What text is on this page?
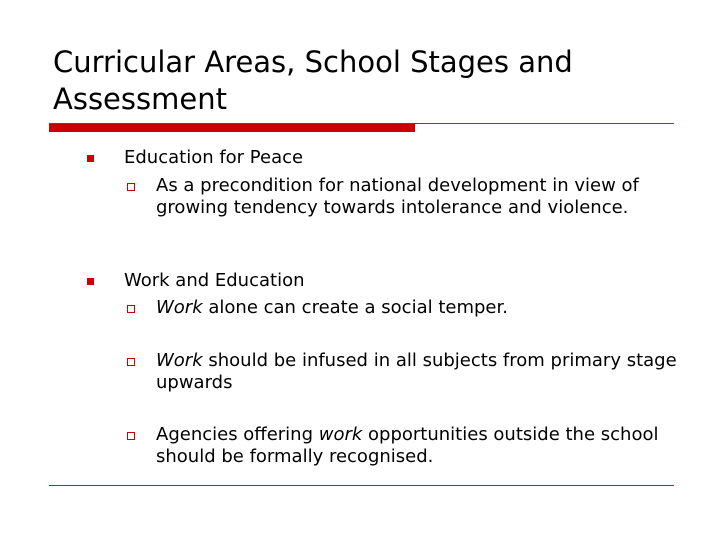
Curricular Areas, School Stages and Assessment
Education for Peace
As a precondition for national development in view of growing tendency towards intolerance and violence.
Work and Education
Work alone can create a social temper.
Work should be infused in all subjects from primary stage upwards
Agencies offering work opportunities outside the school should be formally recognised.
